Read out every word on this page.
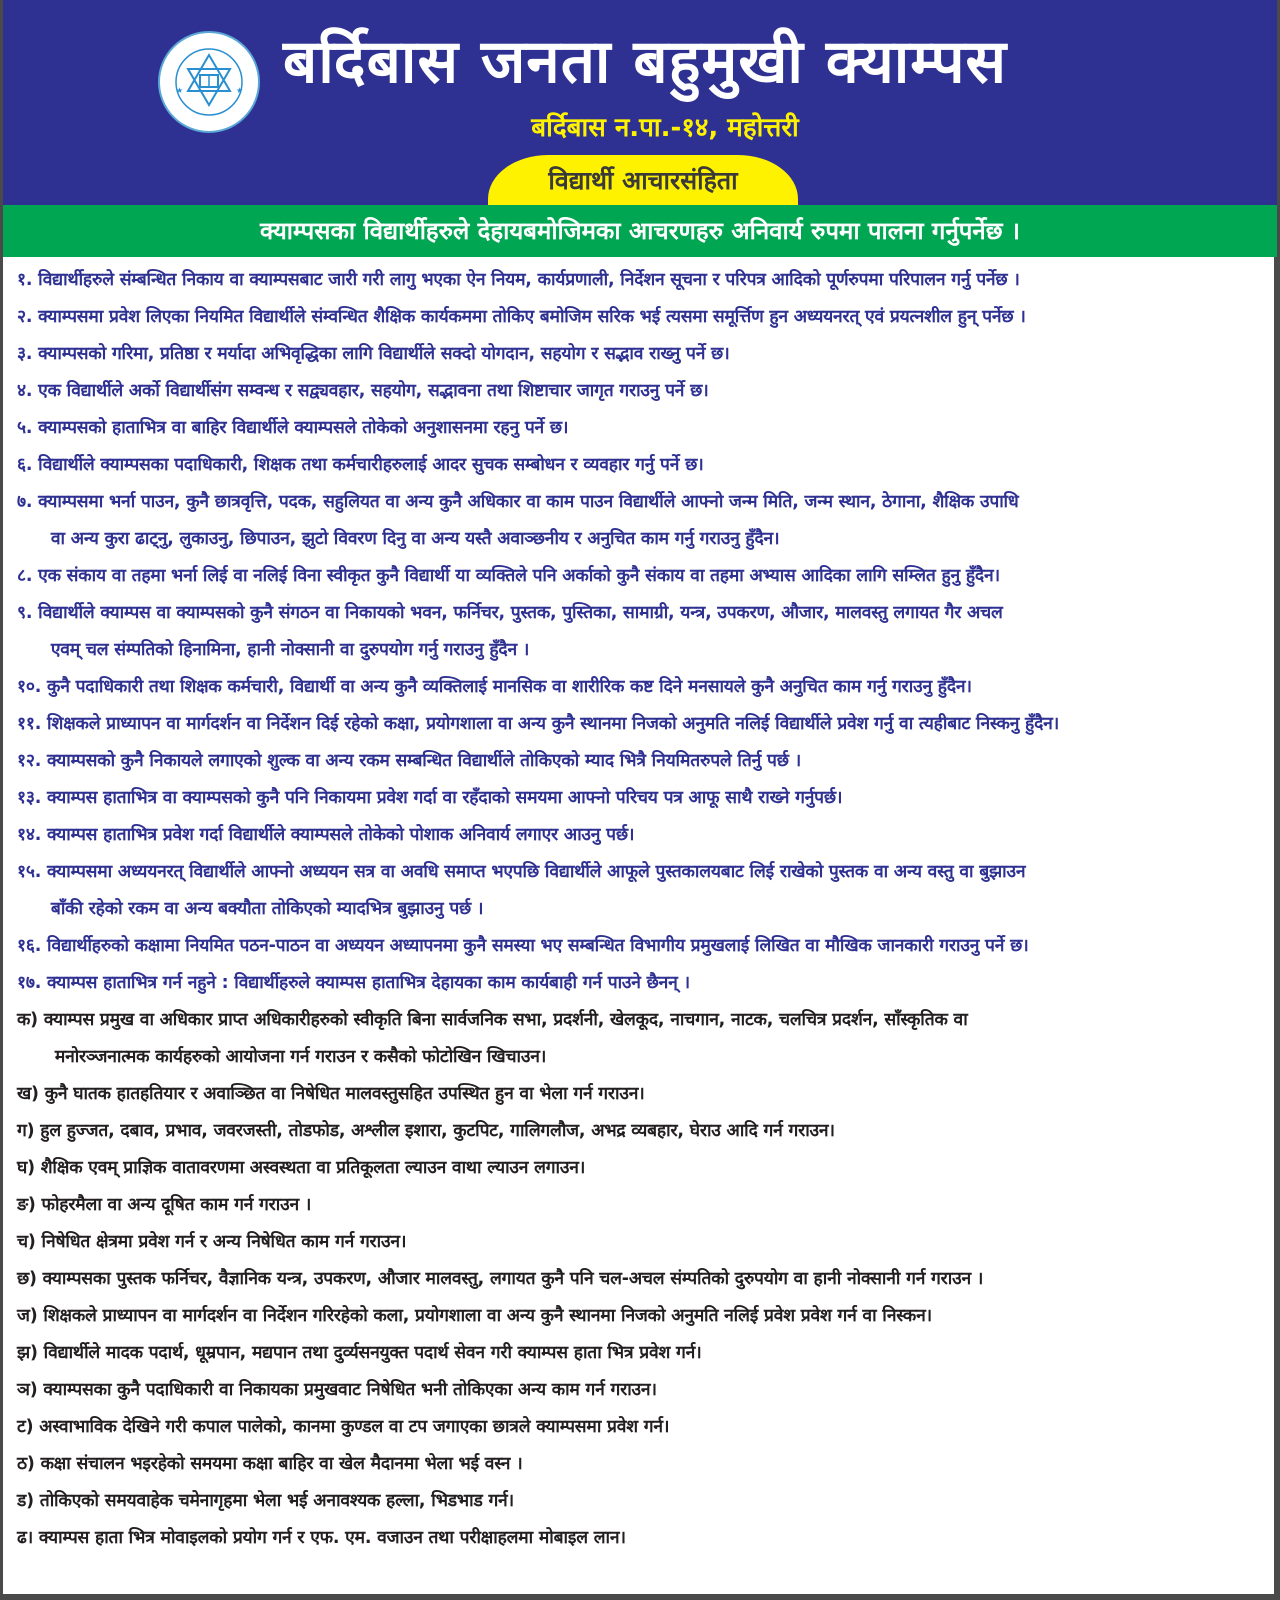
★	★ बर्दिबास जनता बहुमुखी क्याम्पस
बर्दिबास न.पा.-१४, महोत्तरी
विद्यार्थी आचारसंहिता
क्याम्पसका विद्यार्थीहरुले देहायबमोजिमका आचरणहरु अनिवार्य रुपमा पालना गर्नुपर्नेछ ।
१. विद्यार्थीहरुले संम्बन्धित निकाय वा क्याम्पसबाट जारी गरी लागु भएका ऐन नियम, कार्यप्रणाली, निर्देशन सूचना र परिपत्र आदिको पूर्णरुपमा परिपालन गर्नु पर्नेछ ।
२. क्याम्पसमा प्रवेश लिएका नियमित विद्यार्थीले संम्वन्धित शैक्षिक कार्यकममा तोकिए बमोजिम सरिक भई त्यसमा समूर्त्तिण हुन अध्ययनरत् एवं प्रयत्नशील हुन् पर्नेछ ।
३. क्याम्पसको गरिमा, प्रतिष्ठा र मर्यादा अभिवृद्धिका लागि विद्यार्थीले सक्दो योगदान, सहयोग र सद्भाव राख्नु पर्ने छ।
४. एक विद्यार्थीले अर्को विद्यार्थीसंग सम्वन्ध र सद्व्यवहार, सहयोग, सद्भावना तथा शिष्टाचार जागृत गराउनु पर्ने छ।
५. क्याम्पसको हाताभित्र वा बाहिर विद्यार्थीले क्याम्पसले तोकेको अनुशासनमा रहनु पर्ने छ।
६. विद्यार्थीले क्याम्पसका पदाधिकारी, शिक्षक तथा कर्मचारीहरुलाई आदर सुचक सम्बोधन र व्यवहार गर्नु पर्ने छ।
७. क्याम्पसमा भर्ना पाउन, कुनै छात्रवृत्ति, पदक, सहुलियत वा अन्य कुनै अधिकार वा काम पाउन विद्यार्थीले आफ्नो जन्म मिति, जन्म स्थान, ठेगाना, शैक्षिक उपाधि
वा अन्य कुरा ढाट्नु, लुकाउनु, छिपाउन, झुटो विवरण दिनु वा अन्य यस्तै अवाञ्छनीय र अनुचित काम गर्नु गराउनु हुँदैन।
८. एक संकाय वा तहमा भर्ना लिई वा नलिई विना स्वीकृत कुनै विद्यार्थी या व्यक्तिले पनि अर्काको कुनै संकाय वा तहमा अभ्यास आदिका लागि सम्लित हुनु हुँदैन।
९. विद्यार्थीले क्याम्पस वा क्याम्पसको कुनै संगठन वा निकायको भवन, फर्निचर, पुस्तक, पुस्तिका, सामाग्री, यन्त्र, उपकरण, औजार, मालवस्तु लगायत गैर अचल
एवम् चल संम्पतिको हिनामिना, हानी नोक्सानी वा दुरुपयोग गर्नु गराउनु हुँदैन ।
१०. कुनै पदाधिकारी तथा शिक्षक कर्मचारी, विद्यार्थी वा अन्य कुनै व्यक्तिलाई मानसिक वा शारीरिक कष्ट दिने मनसायले कुनै अनुचित काम गर्नु गराउनु हुँदैन।
११. शिक्षकले प्राध्यापन वा मार्गदर्शन वा निर्देशन दिई रहेको कक्षा, प्रयोगशाला वा अन्य कुनै स्थानमा निजको अनुमति नलिई विद्यार्थीले प्रवेश गर्नु वा त्यहीबाट निस्कनु हुँदैन।
१२. क्याम्पसको कुनै निकायले लगाएको शुल्क वा अन्य रकम सम्बन्धित विद्यार्थीले तोकिएको म्याद भित्रै नियमितरुपले तिर्नु पर्छ ।
१३. क्याम्पस हाताभित्र वा क्याम्पसको कुनै पनि निकायमा प्रवेश गर्दा वा रहँदाको समयमा आफ्नो परिचय पत्र आफू साथै राख्ने गर्नुपर्छ।
१४. क्याम्पस हाताभित्र प्रवेश गर्दा विद्यार्थीले क्याम्पसले तोकेको पोशाक अनिवार्य लगाएर आउनु पर्छ।
१५. क्याम्पसमा अध्ययनरत् विद्यार्थीले आफ्नो अध्ययन सत्र वा अवधि समाप्त भएपछि विद्यार्थीले आफूले पुस्तकालयबाट लिई राखेको पुस्तक वा अन्य वस्तु वा बुझाउन
बाँकी रहेको रकम वा अन्य बक्यौता तोकिएको म्यादभित्र बुझाउनु पर्छ ।
१६. विद्यार्थीहरुको कक्षामा नियमित पठन-पाठन वा अध्ययन अध्यापनमा कुनै समस्या भए सम्बन्धित विभागीय प्रमुखलाई लिखित वा मौखिक जानकारी गराउनु पर्ने छ।
१७. क्याम्पस हाताभित्र गर्न नहुने : विद्यार्थीहरुले क्याम्पस हाताभित्र देहायका काम कार्यबाही गर्न पाउने छैनन् ।
क) क्याम्पस प्रमुख वा अधिकार प्राप्त अधिकारीहरुको स्वीकृति बिना सार्वजनिक सभा, प्रदर्शनी, खेलकूद, नाचगान, नाटक, चलचित्र प्रदर्शन, साँस्कृतिक वा
मनोरञ्जनात्मक कार्यहरुको आयोजना गर्न गराउन र कसैको फोटोखिन खिचाउन।
ख) कुनै घातक हातहतियार र अवाञ्छित वा निषेधित मालवस्तुसहित उपस्थित हुन वा भेला गर्न गराउन।
ग) हुल हुज्जत, दबाव, प्रभाव, जवरजस्ती, तोडफोड, अश्लील इशारा, कुटपिट, गालिगलौज, अभद्र व्यबहार, घेराउ आदि गर्न गराउन।
घ) शैक्षिक एवम् प्राज्ञिक वातावरणमा अस्वस्थता वा प्रतिकूलता ल्याउन वाथा ल्याउन लगाउन।
ङ) फोहरमैला वा अन्य दूषित काम गर्न गराउन ।
च) निषेधित क्षेत्रमा प्रवेश गर्न र अन्य निषेधित काम गर्न गराउन।
छ) क्याम्पसका पुस्तक फर्निचर, वैज्ञानिक यन्त्र, उपकरण, औजार मालवस्तु, लगायत कुनै पनि चल-अचल संम्पतिको दुरुपयोग वा हानी नोक्सानी गर्न गराउन ।
ज) शिक्षकले प्राध्यापन वा मार्गदर्शन वा निर्देशन गरिरहेको कला, प्रयोगशाला वा अन्य कुनै स्थानमा निजको अनुमति नलिई प्रवेश प्रवेश गर्न वा निस्कन।
झ) विद्यार्थीले मादक पदार्थ, धूम्रपान, मद्यपान तथा दुर्व्यसनयुक्त पदार्थ सेवन गरी क्याम्पस हाता भित्र प्रवेश गर्न।
ञ) क्याम्पसका कुनै पदाधिकारी वा निकायका प्रमुखवाट निषेधित भनी तोकिएका अन्य काम गर्न गराउन।
ट) अस्वाभाविक देखिने गरी कपाल पालेको, कानमा कुण्डल वा टप जगाएका छात्रले क्याम्पसमा प्रवेश गर्न।
ठ) कक्षा संचालन भइरहेको समयमा कक्षा बाहिर वा खेल मैदानमा भेला भई वस्न ।
ड) तोकिएको समयवाहेक चमेनागृहमा भेला भई अनावश्यक हल्ला, भिडभाड गर्न।
ढ। क्याम्पस हाता भित्र मोवाइलको प्रयोग गर्न र एफ. एम. वजाउन तथा परीक्षाहलमा मोबाइल लान।
